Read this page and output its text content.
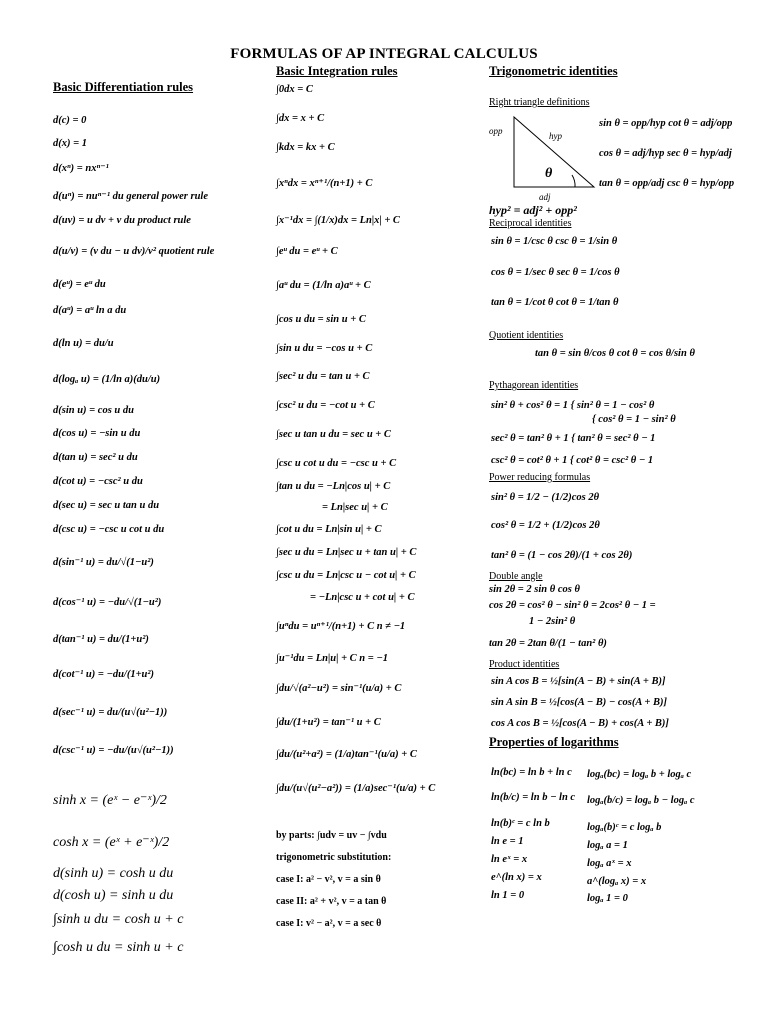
FORMULAS OF AP INTEGRAL CALCULUS
Basic Differentiation rules
d(c) = 0
d(x) = 1
d(xⁿ) = nxⁿ⁻¹
d(uⁿ) = nuⁿ⁻¹ du general power rule
d(uv) = u dv + v du product rule
d(u/v) = (v du − u dv)/v² quotient rule
d(eᵘ) = eᵘ du
d(aᵘ) = aᵘ ln a du
d(ln u) = du/u
d(logₐ u) = (1/ln a)(du/u)
d(sin u) = cos u du
d(cos u) = −sin u du
d(tan u) = sec² u du
d(cot u) = −csc² u du
d(sec u) = sec u tan u du
d(csc u) = −csc u cot u du
d(sin⁻¹ u) = du/√(1−u²)
d(cos⁻¹ u) = −du/√(1−u²)
d(tan⁻¹ u) = du/(1+u²)
d(cot⁻¹ u) = −du/(1+u²)
d(sec⁻¹ u) = du/(u√(u²−1))
d(csc⁻¹ u) = −du/(u√(u²−1))
sinh x = (eˣ − e⁻ˣ)/2
cosh x = (eˣ + e⁻ˣ)/2
d(sinh u) = cosh u du
d(cosh u) = sinh u du
∫sinh u du = cosh u + c
∫cosh u du = sinh u + c
Basic Integration rules
∫0dx = C
∫dx = x + C
∫kdx = kx + C
∫xⁿdx = xⁿ⁺¹/(n+1) + C
∫x⁻¹dx = ∫(1/x)dx = Ln|x| + C
∫eᵘ du = eᵘ + C
∫aᵘ du = (1/ln a)aᵘ + C
∫cos u du = sin u + C
∫sin u du = −cos u + C
∫sec² u du = tan u + C
∫csc² u du = −cot u + C
∫sec u tan u du = sec u + C
∫csc u cot u du = −csc u + C
∫tan u du = −Ln|cos u| + C
= Ln|sec u| + C
∫cot u du = Ln|sin u| + C
∫sec u du = Ln|sec u + tan u| + C
∫csc u du = Ln|csc u − cot u| + C
= −Ln|csc u + cot u| + C
∫uⁿdu = uⁿ⁺¹/(n+1) + C n ≠ −1
∫u⁻¹du = Ln|u| + C n = −1
∫du/√(a²−u²) = sin⁻¹(u/a) + C
∫du/(1+u²) = tan⁻¹ u + C
∫du/(u²+a²) = (1/a)tan⁻¹(u/a) + C
∫du/(u√(u²−a²)) = (1/a)sec⁻¹(u/a) + C
by parts: ∫udv = uv − ∫vdu
trigonometric substitution:
case I: a² − v², v = a sin θ
case II: a² + v², v = a tan θ
case I: v² − a², v = a sec θ
Trigonometric identities
Right triangle definitions
opp	hyp
adj
θ
sin θ = opp/hyp cot θ = adj/opp
cos θ = adj/hyp sec θ = hyp/adj
tan θ = opp/adj csc θ = hyp/opp
hyp² = adj² + opp²
Reciprocal identities
sin θ = 1/csc θ csc θ = 1/sin θ
cos θ = 1/sec θ sec θ = 1/cos θ
tan θ = 1/cot θ cot θ = 1/tan θ
Quotient identities
tan θ = sin θ/cos θ cot θ = cos θ/sin θ
Pythagorean identities
sin² θ + cos² θ = 1 { sin² θ = 1 − cos² θ
{ cos² θ = 1 − sin² θ
sec² θ = tan² θ + 1 { tan² θ = sec² θ − 1
csc² θ = cot² θ + 1 { cot² θ = csc² θ − 1
Power reducing formulas
sin² θ = 1/2 − (1/2)cos 2θ
cos² θ = 1/2 + (1/2)cos 2θ
tan² θ = (1 − cos 2θ)/(1 + cos 2θ)
Double angle
sin 2θ = 2 sin θ cos θ
cos 2θ = cos² θ − sin² θ = 2cos² θ − 1 =
1 − 2sin² θ
tan 2θ = 2tan θ/(1 − tan² θ)
Product identities
sin A cos B = ½[sin(A − B) + sin(A + B)]
sin A sin B = ½[cos(A − B) − cos(A + B)]
cos A cos B = ½[cos(A − B) + cos(A + B)]
Properties of logarithms
ln(bc) = ln b + ln c
ln(b/c) = ln b − ln c
ln(b)ᶜ = c ln b
ln e = 1
ln eˣ = x
e^(ln x) = x
ln 1 = 0
logₐ(bc) = logₐ b + logₐ c
logₐ(b/c) = logₐ b − logₐ c
logₐ(b)ᶜ = c logₐ b
logₐ a = 1
logₐ aˣ = x
a^(logₐ x) = x
logₐ 1 = 0
